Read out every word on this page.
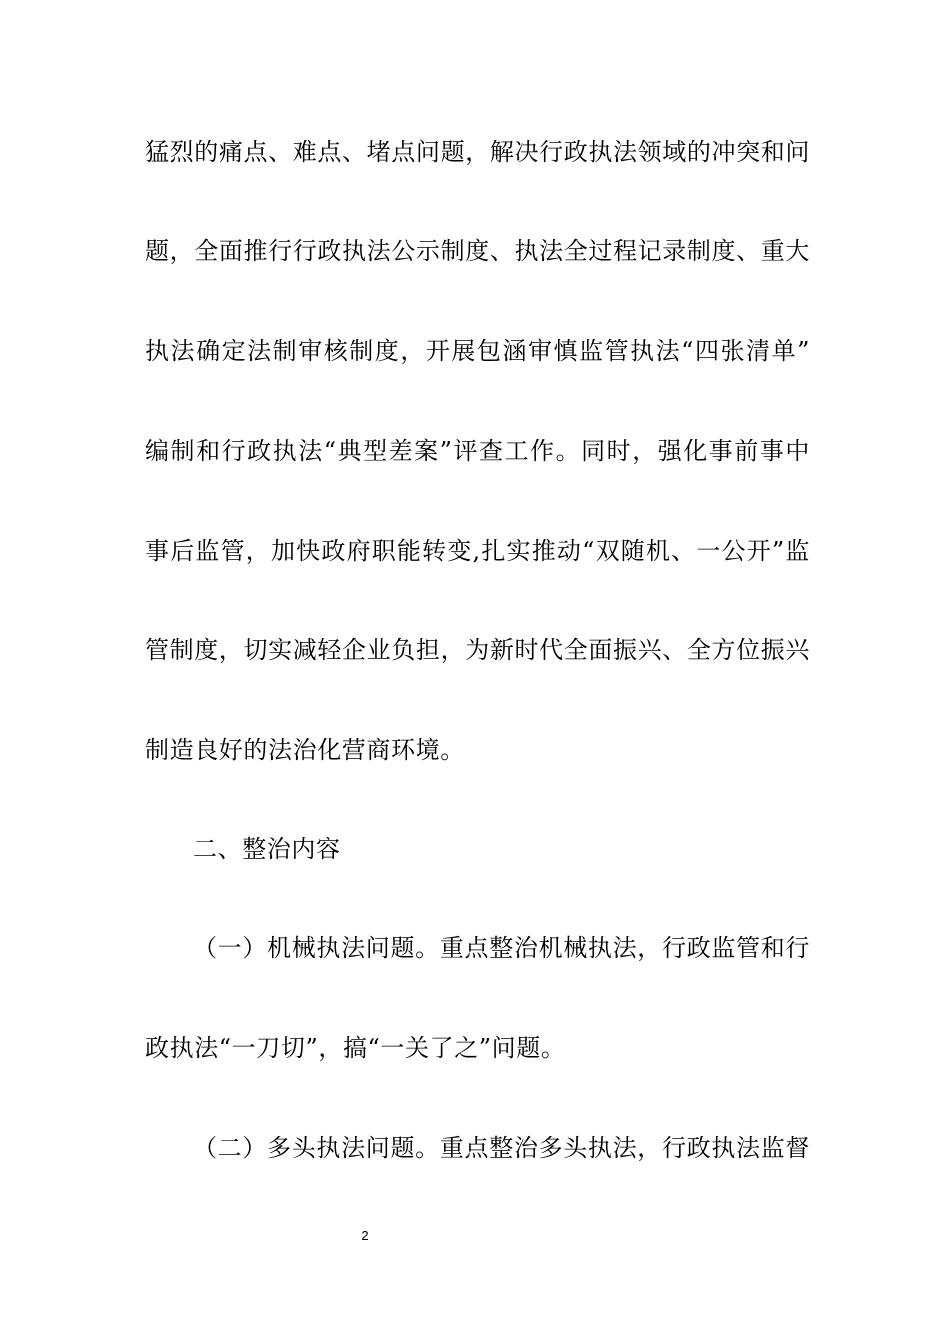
猛烈的痛点、难点、堵点问题，解决行政执法领域的冲突和问
题，全面推行行政执法公示制度、执法全过程记录制度、重大
执法确定法制审核制度，开展包涵审慎监管执法“四张清单”
编制和行政执法“典型差案”评查工作。同时，强化事前事中
事后监管，加快政府职能转变,扎实推动“双随机、一公开”监
管制度，切实减轻企业负担，为新时代全面振兴、全方位振兴
制造良好的法治化营商环境。
二、整治内容
（一）机械执法问题。重点整治机械执法，行政监管和行
政执法“一刀切”，搞“一关了之”问题。
（二）多头执法问题。重点整治多头执法，行政执法监督
2
